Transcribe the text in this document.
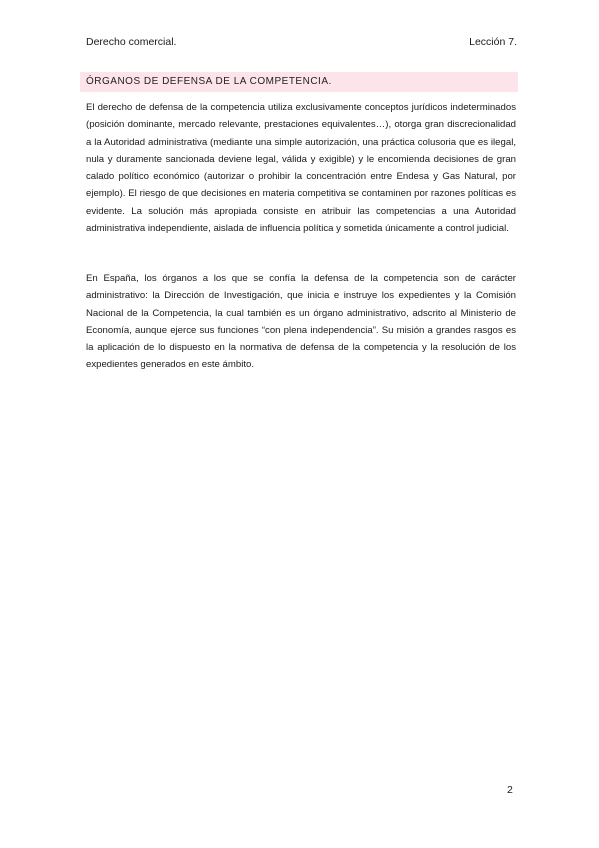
Derecho comercial.	Lección 7.
ÓRGANOS DE DEFENSA DE LA COMPETENCIA.

El derecho de defensa de la competencia utiliza exclusivamente conceptos jurídicos indeterminados (posición dominante, mercado relevante, prestaciones equivalentes…), otorga gran discrecionalidad a la Autoridad administrativa (mediante una simple autorización, una práctica colusoria que es ilegal, nula y duramente sancionada deviene legal, válida y exigible) y le encomienda decisiones de gran calado político económico (autorizar o prohibir la concentración entre Endesa y Gas Natural, por ejemplo). El riesgo de que decisiones en materia competitiva se contaminen por razones políticas es evidente. La solución más apropiada consiste en atribuir las competencias a una Autoridad administrativa independiente, aislada de influencia política y sometida únicamente a control judicial.

En España, los órganos a los que se confía la defensa de la competencia son de carácter administrativo: la Dirección de Investigación, que inicia e instruye los expedientes y la Comisión Nacional de la Competencia, la cual también es un órgano administrativo, adscrito al Ministerio de Economía, aunque ejerce sus funciones “con plena independencia”. Su misión a grandes rasgos es la aplicación de lo dispuesto en la normativa de defensa de la competencia y la resolución de los expedientes generados en este ámbito.

2
